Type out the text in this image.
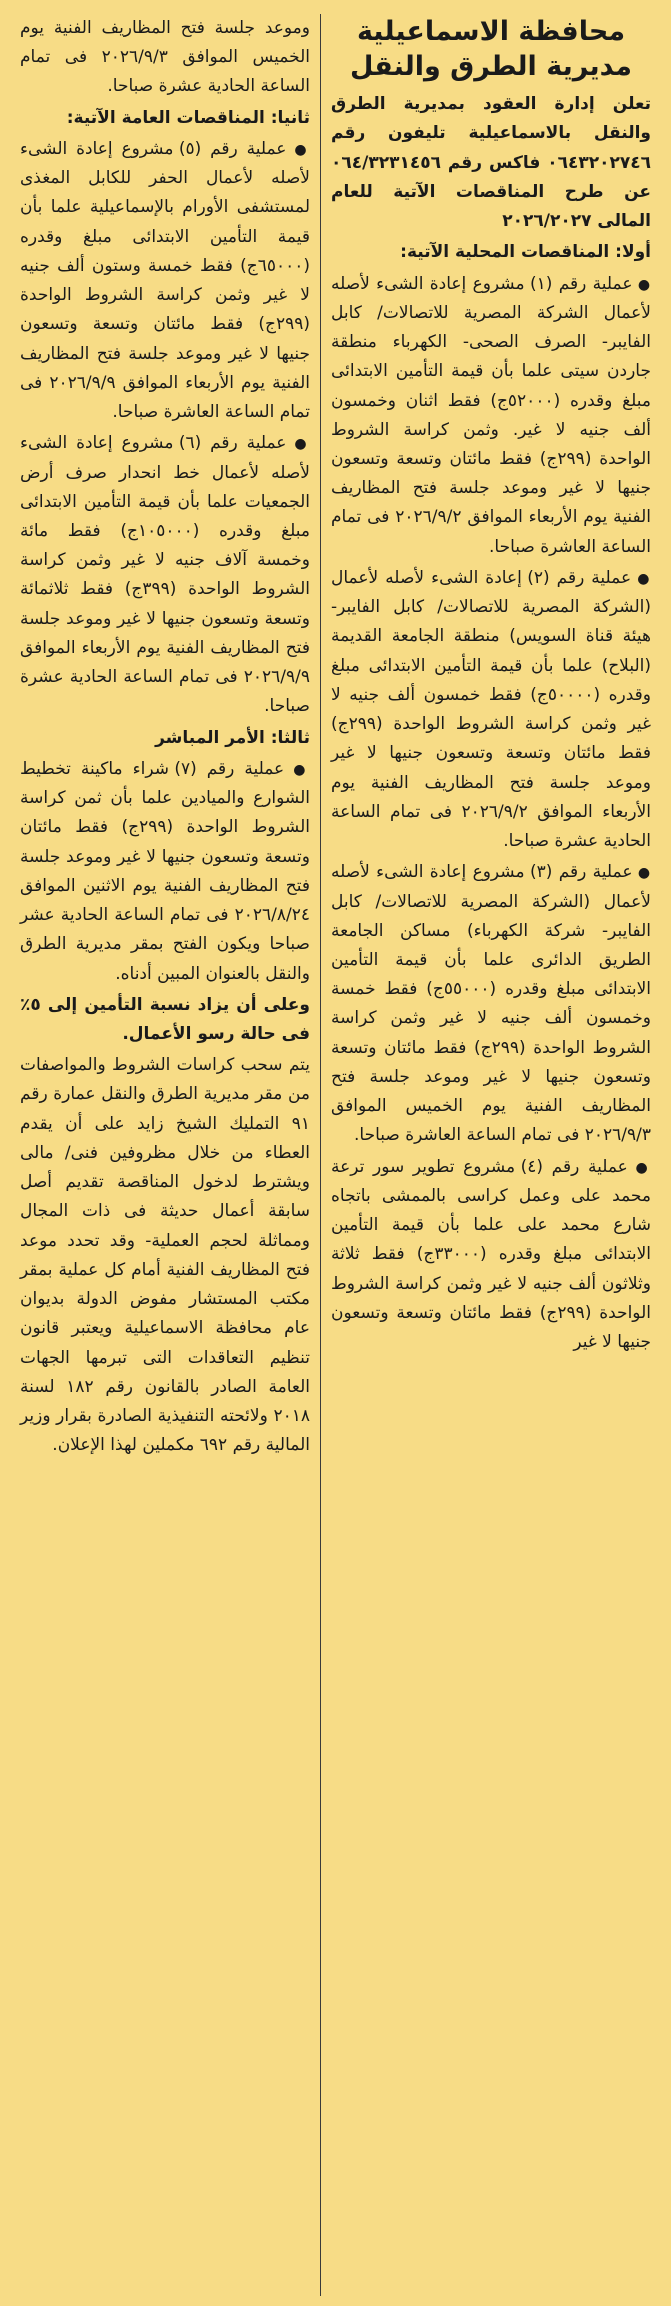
محافظة الاسماعيلية
مديرية الطرق والنقل

تعلن إدارة العقود بمديرية الطرق والنقل بالاسماعيلية تليفون رقم ٠٦٤٣٢٠٢٧٤٦ فاكس رقم ٠٦٤/٣٢٣١٤٥٦ عن طرح المناقصات الآتية للعام المالى ٢٠٢٦/٢٠٢٧

أولا: المناقصات المحلية الآتية:

● عملية رقم (١) مشروع إعادة الشىء لأصله لأعمال الشركة المصرية للاتصالات/ كابل الفايبر- الصرف الصحى- الكهرباء منطقة جاردن سيتى علما بأن قيمة التأمين الابتدائى مبلغ وقدره (٥٢٠٠٠ج) فقط اثنان وخمسون ألف جنيه لا غير. وثمن كراسة الشروط الواحدة (٢٩٩ج) فقط مائتان وتسعة وتسعون جنيها لا غير وموعد جلسة فتح المظاريف الفنية يوم الأربعاء الموافق ٢٠٢٦/٩/٢ فى تمام الساعة العاشرة صباحا.

● عملية رقم (٢) إعادة الشىء لأصله لأعمال (الشركة المصرية للاتصالات/ كابل الفايبر- هيئة قناة السويس) منطقة الجامعة القديمة (البلاح) علما بأن قيمة التأمين الابتدائى مبلغ وقدره (٥٠٠٠٠ج) فقط خمسون ألف جنيه لا غير وثمن كراسة الشروط الواحدة (٢٩٩ج) فقط مائتان وتسعة وتسعون جنيها لا غير وموعد جلسة فتح المظاريف الفنية يوم الأربعاء الموافق ٢٠٢٦/٩/٢ فى تمام الساعة الحادية عشرة صباحا.

● عملية رقم (٣) مشروع إعادة الشىء لأصله لأعمال (الشركة المصرية للاتصالات/ كابل الفايبر- شركة الكهرباء) مساكن الجامعة الطريق الدائرى علما بأن قيمة التأمين الابتدائى مبلغ وقدره (٥٥٠٠٠ج) فقط خمسة وخمسون ألف جنيه لا غير وثمن كراسة الشروط الواحدة (٢٩٩ج) فقط مائتان وتسعة وتسعون جنيها لا غير وموعد جلسة فتح المظاريف الفنية يوم الخميس الموافق ٢٠٢٦/٩/٣ فى تمام الساعة العاشرة صباحا.

● عملية رقم (٤) مشروع تطوير سور ترعة محمد على وعمل كراسى بالممشى باتجاه شارع محمد على علما بأن قيمة التأمين الابتدائى مبلغ وقدره (٣٣٠٠٠ج) فقط ثلاثة وثلاثون ألف جنيه لا غير وثمن كراسة الشروط الواحدة (٢٩٩ج) فقط مائتان وتسعة وتسعون جنيها لا غير

وموعد جلسة فتح المظاريف الفنية يوم الخميس الموافق ٢٠٢٦/٩/٣ فى تمام الساعة الحادية عشرة صباحا.

ثانيا: المناقصات العامة الآتية:

● عملية رقم (٥) مشروع إعادة الشىء لأصله لأعمال الحفر للكابل المغذى لمستشفى الأورام بالإسماعيلية علما بأن قيمة التأمين الابتدائى مبلغ وقدره (٦٥٠٠٠ج) فقط خمسة وستون ألف جنيه لا غير وثمن كراسة الشروط الواحدة (٢٩٩ج) فقط مائتان وتسعة وتسعون جنيها لا غير وموعد جلسة فتح المظاريف الفنية يوم الأربعاء الموافق ٢٠٢٦/٩/٩ فى تمام الساعة العاشرة صباحا.

● عملية رقم (٦) مشروع إعادة الشىء لأصله لأعمال خط انحدار صرف أرض الجمعيات علما بأن قيمة التأمين الابتدائى مبلغ وقدره (١٠٥٠٠٠ج) فقط مائة وخمسة آلاف جنيه لا غير وثمن كراسة الشروط الواحدة (٣٩٩ج) فقط ثلاثمائة وتسعة وتسعون جنيها لا غير وموعد جلسة فتح المظاريف الفنية يوم الأربعاء الموافق ٢٠٢٦/٩/٩ فى تمام الساعة الحادية عشرة صباحا.

ثالثا: الأمر المباشر

● عملية رقم (٧) شراء ماكينة تخطيط الشوارع والميادين علما بأن ثمن كراسة الشروط الواحدة (٢٩٩ج) فقط مائتان وتسعة وتسعون جنيها لا غير وموعد جلسة فتح المظاريف الفنية يوم الاثنين الموافق ٢٠٢٦/٨/٢٤ فى تمام الساعة الحادية عشر صباحا ويكون الفتح بمقر مديرية الطرق والنقل بالعنوان المبين أدناه.

وعلى أن يزاد نسبة التأمين إلى ٥٪ فى حالة رسو الأعمال.

يتم سحب كراسات الشروط والمواصفات من مقر مديرية الطرق والنقل عمارة رقم ٩١ التمليك الشيخ زايد على أن يقدم العطاء من خلال مظروفين فنى/ مالى ويشترط لدخول المناقصة تقديم أصل سابقة أعمال حديثة فى ذات المجال ومماثلة لحجم العملية- وقد تحدد موعد فتح المظاريف الفنية أمام كل عملية بمقر مكتب المستشار مفوض الدولة بديوان عام محافظة الاسماعيلية ويعتبر قانون تنظيم التعاقدات التى تبرمها الجهات العامة الصادر بالقانون رقم ١٨٢ لسنة ٢٠١٨ ولائحته التنفيذية الصادرة بقرار وزير المالية رقم ٦٩٢ مكملين لهذا الإعلان.
